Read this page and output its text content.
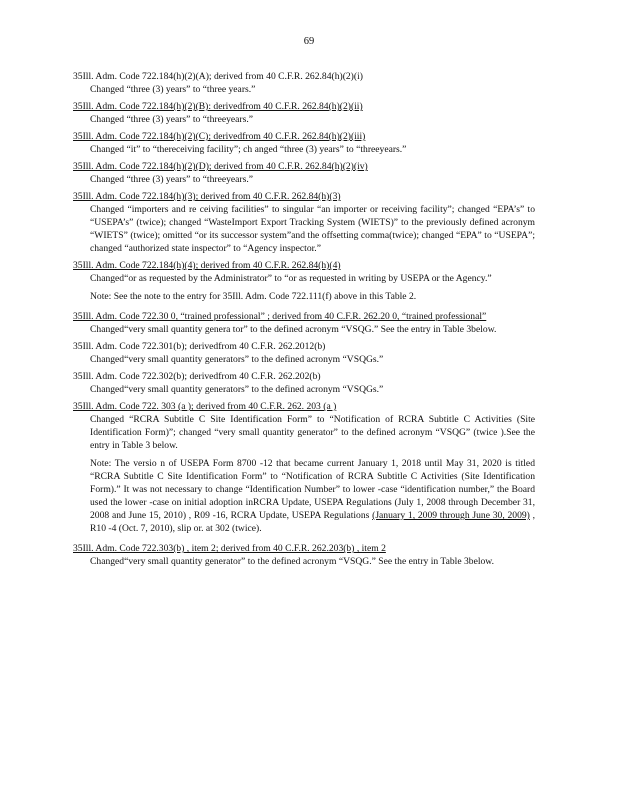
69
35Ill. Adm. Code 722.184(h)(2)(A); derived from 40 C.F.R. 262.84(h)(2)(i)
Changed “three (3) years” to “three years.”
35Ill. Adm. Code 722.184(h)(2)(B): derivedfrom 40 C.F.R. 262.84(h)(2)(ii)
Changed “three (3) years” to “threeyears.”
35Ill. Adm. Code 722.184(h)(2)(C); derivedfrom 40 C.F.R. 262.84(h)(2)(iii)
Changed “it” to “thereceiving facility”; ch anged “three (3) years” to “threeyears.”
35Ill. Adm. Code 722.184(h)(2)(D); derived from 40 C.F.R. 262.84(h)(2)(iv)
Changed “three (3) years” to “threeyears.”
35Ill. Adm. Code 722.184(h)(3); derived from 40 C.F.R. 262.84(h)(3)
Changed “importers and re ceiving facilities” to singular “an importer or receiving facility”; changed “EPA’s” to “USEPA’s” (twice); changed “WasteImport Export Tracking System (WIETS)” to the previously defined acronym “WIETS” (twice); omitted “or its successor system”and the offsetting comma(twice); changed “EPA” to “USEPA”; changed “authorized state inspector” to “Agency inspector.”
35Ill. Adm. Code 722.184(h)(4); derived from 40 C.F.R. 262.84(h)(4)
Changed“or as requested by the Administrator” to “or as requested in writing by USEPA or the Agency.”
Note: See the note to the entry for 35Ill. Adm. Code 722.111(f) above in this Table 2.
35Ill. Adm. Code 722.30 0, “trained professional” ; derived from 40 C.F.R. 262.20 0, “trained professional”
Changed“very small quantity genera tor” to the defined acronym “VSQG.” See the entry in Table 3below.
35Ill. Adm. Code 722.301(b); derivedfrom 40 C.F.R. 262.2012(b)
Changed“very small quantity generators” to the defined acronym “VSQGs.”
35Ill. Adm. Code 722.302(b); derivedfrom 40 C.F.R. 262.202(b)
Changed“very small quantity generators” to the defined acronym “VSQGs.”
35Ill. Adm. Code 722. 303 (a ); derived from 40 C.F.R. 262. 203 (a )
Changed “RCRA Subtitle C Site Identification Form” to “Notification of RCRA Subtitle C Activities (Site Identification Form)”; changed “very small quantity generator” to the defined acronym “VSQG” (twice ).See the entry in Table 3 below.
Note: The versio n of USEPA Form 8700 -12 that became current January 1, 2018 until May 31, 2020 is titled “RCRA Subtitle C Site Identification Form” to “Notification of RCRA Subtitle C Activities (Site Identification Form).” It was not necessary to change “Identification Number” to lower -case “identification number,” the Board used the lower -case on initial adoption inRCRA Update, USEPA Regulations (July 1, 2008 through December 31, 2008 and June 15, 2010) , R09 -16, RCRA Update, USEPA Regulations (January 1, 2009 through June 30, 2009) , R10 -4 (Oct. 7, 2010), slip or. at 302 (twice).
35Ill. Adm. Code 722.303(b) , item 2; derived from 40 C.F.R. 262.203(b) , item 2
Changed“very small quantity generator” to the defined acronym “VSQG.” See the entry in Table 3below.
